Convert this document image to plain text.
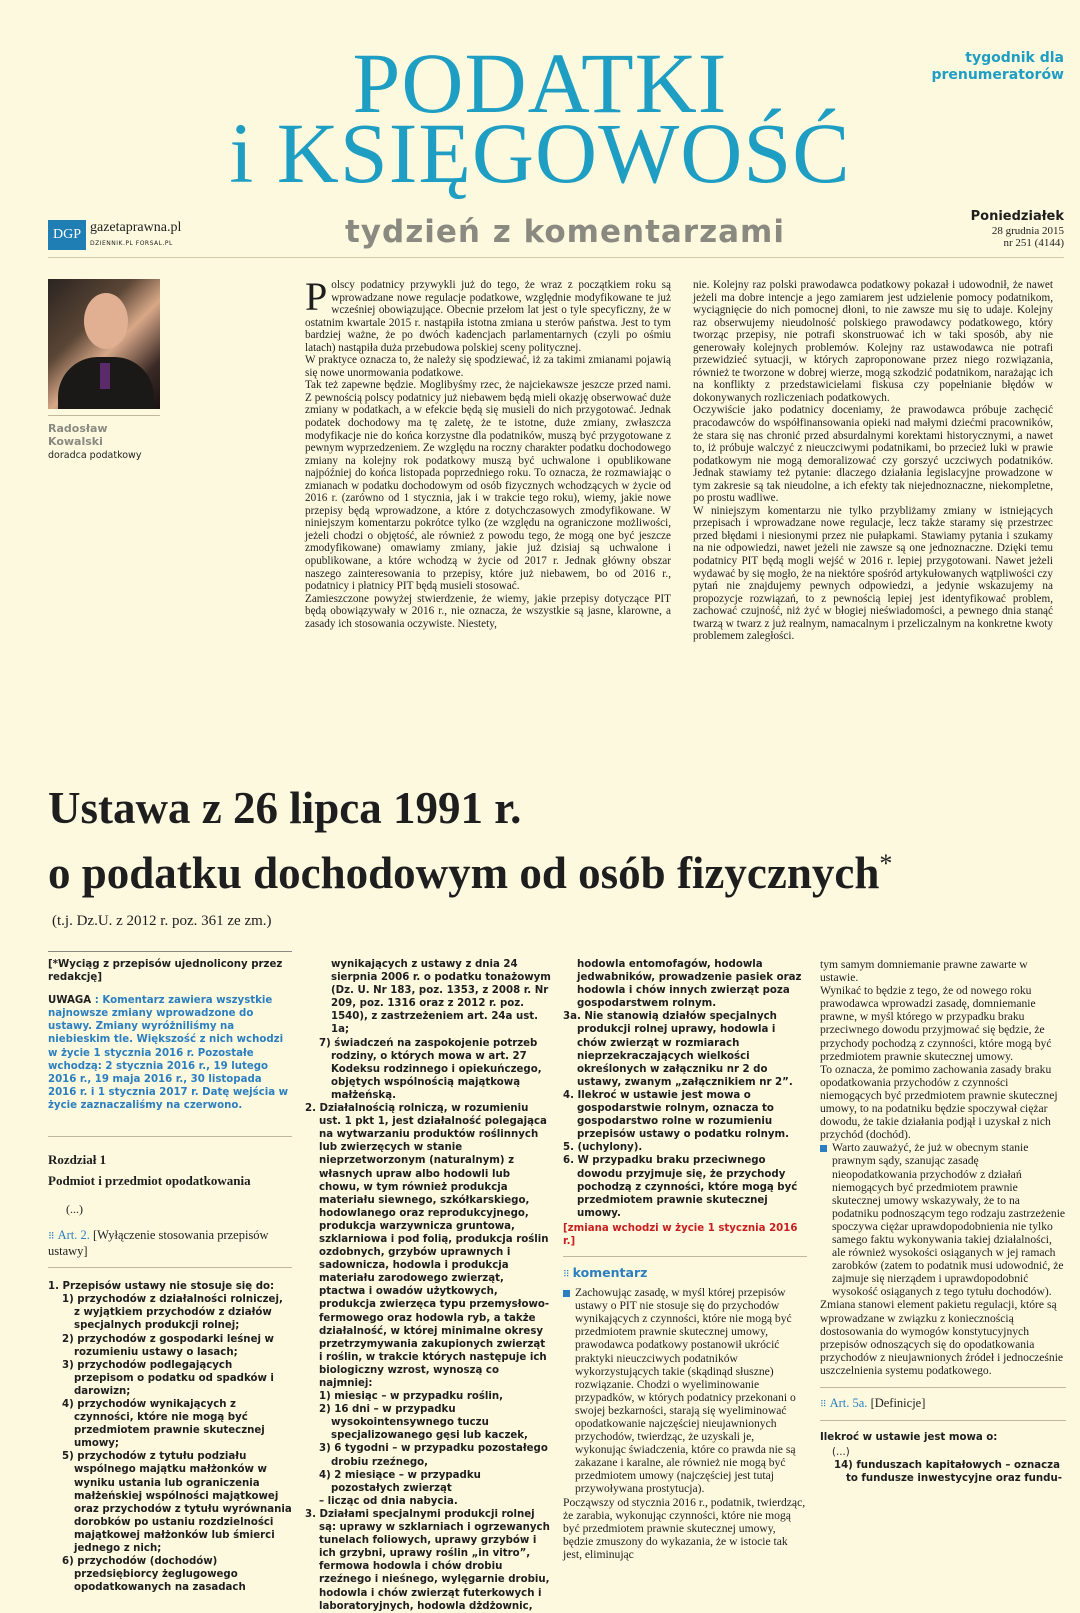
PODATKI
i KSIĘGOWOŚĆ
tydzień z komentarzami
tygodnik dla
prenumeratorów
DGP gazetaprawna.pl
DZIENNIK.PL FORSAL.PL
Poniedziałek
28 grudnia 2015
nr 251 (4144)
Radosław
Kowalski
doradca podatkowy
P olscy podatnicy przywykli już do tego, że wraz z początkiem roku są wprowadzane nowe regulacje podatkowe, względnie modyfikowane te już wcześniej obowiązujące. Obecnie przełom lat jest o tyle specyficzny, że w ostatnim kwartale 2015 r. nastąpiła istotna zmiana u sterów państwa. Jest to tym bardziej ważne, że po dwóch kadencjach parlamentarnych (czyli po ośmiu latach) nastąpiła duża przebudowa polskiej sceny politycznej.

W praktyce oznacza to, że należy się spodziewać, iż za takimi zmianami pojawią się nowe unormowania podatkowe.

Tak też zapewne będzie. Moglibyśmy rzec, że najciekawsze jeszcze przed nami. Z pewnością polscy podatnicy już niebawem będą mieli okazję obserwować duże zmiany w podatkach, a w efekcie będą się musieli do nich przygotować. Jednak podatek dochodowy ma tę zaletę, że te istotne, duże zmiany, zwłaszcza modyfikacje nie do końca korzystne dla podatników, muszą być przygotowane z pewnym wyprzedzeniem. Ze względu na roczny charakter podatku dochodowego zmiany na kolejny rok podatkowy muszą być uchwalone i opublikowane najpóźniej do końca listopada poprzedniego roku. To oznacza, że rozmawiając o zmianach w podatku dochodowym od osób fizycznych wchodzących w życie od 2016 r. (zarówno od 1 stycznia, jak i w trakcie tego roku), wiemy, jakie nowe przepisy będą wprowadzone, a które z dotychczasowych zmodyfikowane. W niniejszym komentarzu pokrótce tylko (ze względu na ograniczone możliwości, jeżeli chodzi o objętość, ale również z powodu tego, że mogą one być jeszcze zmodyfikowane) omawiamy zmiany, jakie już dzisiaj są uchwalone i opublikowane, a które wchodzą w życie od 2017 r. Jednak główny obszar naszego zainteresowania to przepisy, które już niebawem, bo od 2016 r., podatnicy i płatnicy PIT będą musieli stosować.

Zamieszczone powyżej stwierdzenie, że wiemy, jakie przepisy dotyczące PIT będą obowiązywały w 2016 r., nie oznacza, że wszystkie są jasne, klarowne, a zasady ich stosowania oczywiste. Niestety,

nie. Kolejny raz polski prawodawca podatkowy pokazał i udowodnił, że nawet jeżeli ma dobre intencje a jego zamiarem jest udzielenie pomocy podatnikom, wyciągnięcie do nich pomocnej dłoni, to nie zawsze mu się to udaje. Kolejny raz obserwujemy nieudolność polskiego prawodawcy podatkowego, który tworząc przepisy, nie potrafi skonstruować ich w taki sposób, aby nie generowały kolejnych problemów. Kolejny raz ustawodawca nie potrafi przewidzieć sytuacji, w których zaproponowane przez niego rozwiązania, również te tworzone w dobrej wierze, mogą szkodzić podatnikom, narażając ich na konflikty z przedstawicielami fiskusa czy popełnianie błędów w dokonywanych rozliczeniach podatkowych.

Oczywiście jako podatnicy doceniamy, że prawodawca próbuje zachęcić pracodawców do współfinansowania opieki nad małymi dziećmi pracowników, że stara się nas chronić przed absurdalnymi korektami historycznymi, a nawet to, iż próbuje walczyć z nieuczciwymi podatnikami, bo przecież luki w prawie podatkowym nie mogą demoralizować czy gorszyć uczciwych podatników. Jednak stawiamy też pytanie: dlaczego działania legislacyjne prowadzone w tym zakresie są tak nieudolne, a ich efekty tak niejednoznaczne, niekompletne, po prostu wadliwe.

W niniejszym komentarzu nie tylko przybliżamy zmiany w istniejących przepisach i wprowadzane nowe regulacje, lecz także staramy się przestrzec przed błędami i niesionymi przez nie pułapkami. Stawiamy pytania i szukamy na nie odpowiedzi, nawet jeżeli nie zawsze są one jednoznaczne. Dzięki temu podatnicy PIT będą mogli wejść w 2016 r. lepiej przygotowani. Nawet jeżeli wydawać by się mogło, że na niektóre spośród artykułowanych wątpliwości czy pytań nie znajdujemy pewnych odpowiedzi, a jedynie wskazujemy na propozycje rozwiązań, to z pewnością lepiej jest identyfikować problem, zachować czujność, niż żyć w błogiej nieświadomości, a pewnego dnia stanąć twarzą w twarz z już realnym, namacalnym i przeliczalnym na konkretne kwoty problemem zaległości.

Ustawa z 26 lipca 1991 r.
o podatku dochodowym od osób fizycznych*
(t.j. Dz.U. z 2012 r. poz. 361 ze zm.)

[*Wyciąg z przepisów ujednolicony przez redakcję]

UWAGA : Komentarz zawiera wszystkie najnowsze zmiany wprowadzone do ustawy. Zmiany wyróżniliśmy na niebieskim tle. Większość z nich wchodzi w życie 1 stycznia 2016 r. Pozostałe wchodzą: 2 stycznia 2016 r., 19 lutego 2016 r., 19 maja 2016 r., 30 listopada 2016 r. i 1 stycznia 2017 r. Datę wejścia w życie zaznaczaliśmy na czerwono.

Rozdział 1

Podmiot i przedmiot opodatkowania

(...)

⠿ Art. 2. [Wyłączenie stosowania przepisów ustawy]

1. Przepisów ustawy nie stosuje się do:

1) przychodów z działalności rolniczej, z wyjątkiem przychodów z działów specjalnych produkcji rolnej;

2) przychodów z gospodarki leśnej w rozumieniu ustawy o lasach;

3) przychodów podlegających przepisom o podatku od spadków i darowizn;

4) przychodów wynikających z czynności, które nie mogą być przedmiotem prawnie skutecznej umowy;

5) przychodów z tytułu podziału wspólnego majątku małżonków w wyniku ustania lub ograniczenia małżeńskiej wspólności majątkowej oraz przychodów z tytułu wyrównania dorobków po ustaniu rozdzielności majątkowej małżonków lub śmierci jednego z nich;

6) przychodów (dochodów) przedsiębiorcy żeglugowego opodatkowanych na zasadach

wynikających z ustawy z dnia 24 sierpnia 2006 r. o podatku tonażowym (Dz. U. Nr 183, poz. 1353, z 2008 r. Nr 209, poz. 1316 oraz z 2012 r. poz. 1540), z zastrzeżeniem art. 24a ust. 1a;

7) świadczeń na zaspokojenie potrzeb rodziny, o których mowa w art. 27 Kodeksu rodzinnego i opiekuńczego, objętych wspólnością majątkową małżeńską.

2. Działalnością rolniczą, w rozumieniu ust. 1 pkt 1, jest działalność polegająca na wytwarzaniu produktów roślinnych lub zwierzęcych w stanie nieprzetworzonym (naturalnym) z własnych upraw albo hodowli lub chowu, w tym również produkcja materiału siewnego, szkółkarskiego, hodowlanego oraz reprodukcyjnego, produkcja warzywnicza gruntowa, szklarniowa i pod folią, produkcja roślin ozdobnych, grzybów uprawnych i sadownicza, hodowla i produkcja materiału zarodowego zwierząt, ptactwa i owadów użytkowych, produkcja zwierzęca typu przemysłowo-fermowego oraz hodowla ryb, a także działalność, w której minimalne okresy przetrzymywania zakupionych zwierząt i roślin, w trakcie których następuje ich biologiczny wzrost, wynoszą co najmniej:

1) miesiąc – w przypadku roślin,

2) 16 dni – w przypadku wysokointensywnego tuczu specjalizowanego gęsi lub kaczek,

3) 6 tygodni – w przypadku pozostałego drobiu rzeźnego,

4) 2 miesiące – w przypadku pozostałych zwierząt

– licząc od dnia nabycia.

3. Działami specjalnymi produkcji rolnej są: uprawy w szklarniach i ogrzewanych tunelach foliowych, uprawy grzybów i ich grzybni, uprawy roślin „in vitro”, fermowa hodowla i chów drobiu rzeźnego i nieśnego, wylęgarnie drobiu, hodowla i chów zwierząt futerkowych i laboratoryjnych, hodowla dżdżownic,

hodowla entomofagów, hodowla jedwabników, prowadzenie pasiek oraz hodowla i chów innych zwierząt poza gospodarstwem rolnym.

3a. Nie stanowią działów specjalnych produkcji rolnej uprawy, hodowla i chów zwierząt w rozmiarach nieprzekraczających wielkości określonych w załączniku nr 2 do ustawy, zwanym „załącznikiem nr 2”.

4. Ilekroć w ustawie jest mowa o gospodarstwie rolnym, oznacza to gospodarstwo rolne w rozumieniu przepisów ustawy o podatku rolnym.

5. (uchylony).

6. W przypadku braku przeciwnego dowodu przyjmuje się, że przychody pochodzą z czynności, które mogą być przedmiotem prawnie skutecznej umowy.

[zmiana wchodzi w życie 1 stycznia 2016 r.]

⠿ komentarz

Zachowując zasadę, w myśl której przepisów ustawy o PIT nie stosuje się do przychodów wynikających z czynności, które nie mogą być przedmiotem prawnie skutecznej umowy, prawodawca podatkowy postanowił ukrócić praktyki nieuczciwych podatników wykorzystujących takie (skądinąd słuszne) rozwiązanie. Chodzi o wyeliminowanie przypadków, w których podatnicy przekonani o swojej bezkarności, starają się wyeliminować opodatkowanie najczęściej nieujawnionych przychodów, twierdząc, że uzyskali je, wykonując świadczenia, które co prawda nie są zakazane i karalne, ale również nie mogą być przedmiotem umowy (najczęściej jest tutaj przywoływana prostytucja).

Począwszy od stycznia 2016 r., podatnik, twierdząc, że zarabia, wykonując czynności, które nie mogą być przedmiotem prawnie skutecznej umowy, będzie zmuszony do wykazania, że w istocie tak jest, eliminując

tym samym domniemanie prawne zawarte w ustawie.

Wynikać to będzie z tego, że od nowego roku prawodawca wprowadzi zasadę, domniemanie prawne, w myśl którego w przypadku braku przeciwnego dowodu przyjmować się będzie, że przychody pochodzą z czynności, które mogą być przedmiotem prawnie skutecznej umowy.

To oznacza, że pomimo zachowania zasady braku opodatkowania przychodów z czynności niemogących być przedmiotem prawnie skutecznej umowy, to na podatniku będzie spoczywał ciężar dowodu, że takie działania podjął i uzyskał z nich przychód (dochód).

Warto zauważyć, że już w obecnym stanie prawnym sądy, szanując zasadę nieopodatkowania przychodów z działań niemogących być przedmiotem prawnie skutecznej umowy wskazywały, że to na podatniku podnoszącym tego rodzaju zastrzeżenie spoczywa ciężar uprawdopodobnienia nie tylko samego faktu wykonywania takiej działalności, ale również wysokości osiąganych w jej ramach zarobków (zatem to podatnik musi udowodnić, że zajmuje się nierządem i uprawdopodobnić wysokość osiąganych z tego tytułu dochodów).

Zmiana stanowi element pakietu regulacji, które są wprowadzane w związku z koniecznością dostosowania do wymogów konstytucyjnych przepisów odnoszących się do opodatkowania przychodów z nieujawnionych źródeł i jednocześnie uszczelnienia systemu podatkowego.

⠿ Art. 5a. [Definicje]

Ilekroć w ustawie jest mowa o:

(...)

14) funduszach kapitałowych – oznacza to fundusze inwestycyjne oraz fundu-
